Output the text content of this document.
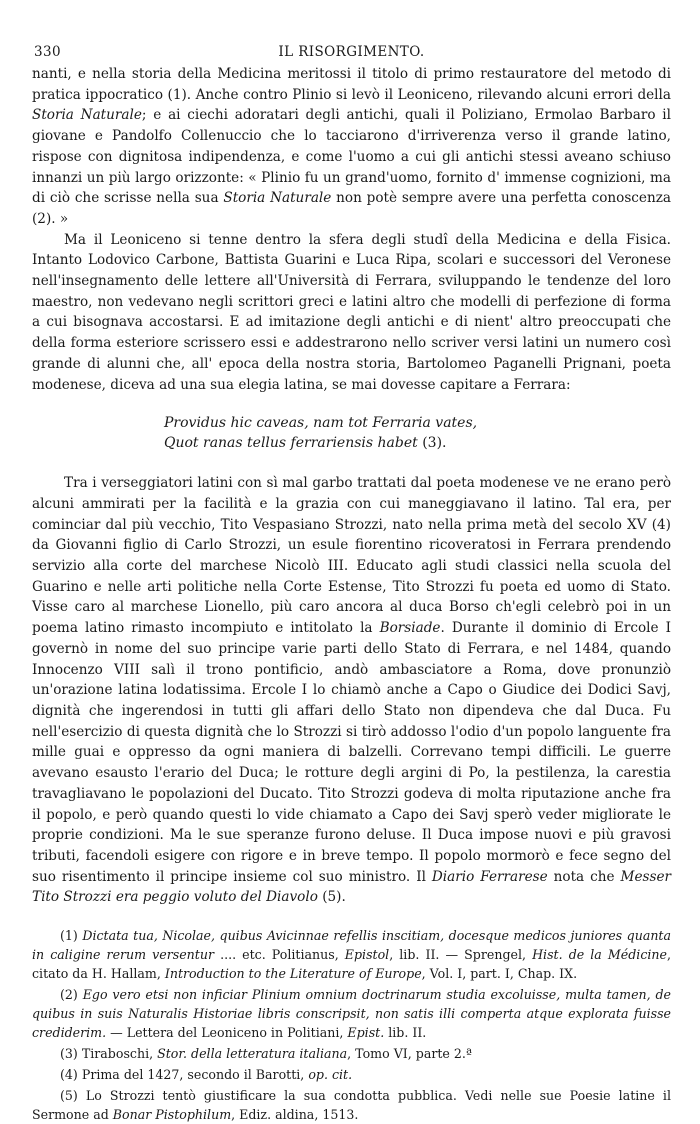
330	IL RISORGIMENTO.

nanti, e nella storia della Medicina meritossi il titolo di primo restauratore del metodo di pratica ippocratico (1). Anche contro Plinio si levò il Leoniceno, rilevando alcuni errori della Storia Naturale; e ai ciechi adoratari degli antichi, quali il Poliziano, Ermolao Barbaro il giovane e Pandolfo Collenuccio che lo tacciarono d'irriverenza verso il grande latino, rispose con dignitosa indipendenza, e come l'uomo a cui gli antichi stessi aveano schiuso innanzi un più largo orizzonte: « Plinio fu un grand'uomo, fornito d' immense cognizioni, ma di ciò che scrisse nella sua Storia Naturale non potè sempre avere una perfetta conoscenza (2). »

Ma il Leoniceno si tenne dentro la sfera degli studî della Medicina e della Fisica. Intanto Lodovico Carbone, Battista Guarini e Luca Ripa, scolari e successori del Veronese nell'insegnamento delle lettere all'Università di Ferrara, sviluppando le tendenze del loro maestro, non vedevano negli scrittori greci e latini altro che modelli di perfezione di forma a cui bisognava accostarsi. E ad imitazione degli antichi e di nient' altro preoccupati che della forma esteriore scrissero essi e addestrarono nello scriver versi latini un numero così grande di alunni che, all' epoca della nostra storia, Bartolomeo Paganelli Prignani, poeta modenese, diceva ad una sua elegia latina, se mai dovesse capitare a Ferrara:

Providus hic caveas, nam tot Ferraria vates,
Quot ranas tellus ferrariensis habet (3).

Tra i verseggiatori latini con sì mal garbo trattati dal poeta modenese ve ne erano però alcuni ammirati per la facilità e la grazia con cui maneggiavano il latino. Tal era, per cominciar dal più vecchio, Tito Vespasiano Strozzi, nato nella prima metà del secolo XV (4) da Giovanni figlio di Carlo Strozzi, un esule fiorentino ricoveratosi in Ferrara prendendo servizio alla corte del marchese Nicolò III. Educato agli studi classici nella scuola del Guarino e nelle arti politiche nella Corte Estense, Tito Strozzi fu poeta ed uomo di Stato. Visse caro al marchese Lionello, più caro ancora al duca Borso ch'egli celebrò poi in un poema latino rimasto incompiuto e intitolato la Borsiade. Durante il dominio di Ercole I governò in nome del suo principe varie parti dello Stato di Ferrara, e nel 1484, quando Innocenzo VIII salì il trono pontificio, andò ambasciatore a Roma, dove pronunziò un'orazione latina lodatissima. Ercole I lo chiamò anche a Capo o Giudice dei Dodici Savj, dignità che ingerendosi in tutti gli affari dello Stato non dipendeva che dal Duca. Fu nell'esercizio di questa dignità che lo Strozzi si tirò addosso l'odio d'un popolo languente fra mille guai e oppresso da ogni maniera di balzelli. Correvano tempi difficili. Le guerre avevano esausto l'erario del Duca; le rotture degli argini di Po, la pestilenza, la carestia travagliavano le popolazioni del Ducato. Tito Strozzi godeva di molta riputazione anche fra il popolo, e però quando questi lo vide chiamato a Capo dei Savj sperò veder migliorate le proprie condizioni. Ma le sue speranze furono deluse. Il Duca impose nuovi e più gravosi tributi, facendoli esigere con rigore e in breve tempo. Il popolo mormorò e fece segno del suo risentimento il principe insieme col suo ministro. Il Diario Ferrarese nota che Messer Tito Strozzi era peggio voluto del Diavolo (5).

(1) Dictata tua, Nicolae, quibus Avicinnae refellis inscitiam, docesque medicos juniores quanta in caligine rerum versentur .... etc. Politianus, Epistol, lib. II. — Sprengel, Hist. de la Médicine, citato da H. Hallam, Introduction to the Literature of Europe, Vol. I, part. I, Chap. IX.

(2) Ego vero etsi non inficiar Plinium omnium doctrinarum studia excoluisse, multa tamen, de quibus in suis Naturalis Historiae libris conscripsit, non satis illi comperta atque explorata fuisse crediderim. — Lettera del Leoniceno in Politiani, Epist. lib. II.

(3) Tiraboschi, Stor. della letteratura italiana, Tomo VI, parte 2.ª

(4) Prima del 1427, secondo il Barotti, op. cit.

(5) Lo Strozzi tentò giustificare la sua condotta pubblica. Vedi nelle sue Poesie latine il Sermone ad Bonar Pistophilum, Ediz. aldina, 1513.
